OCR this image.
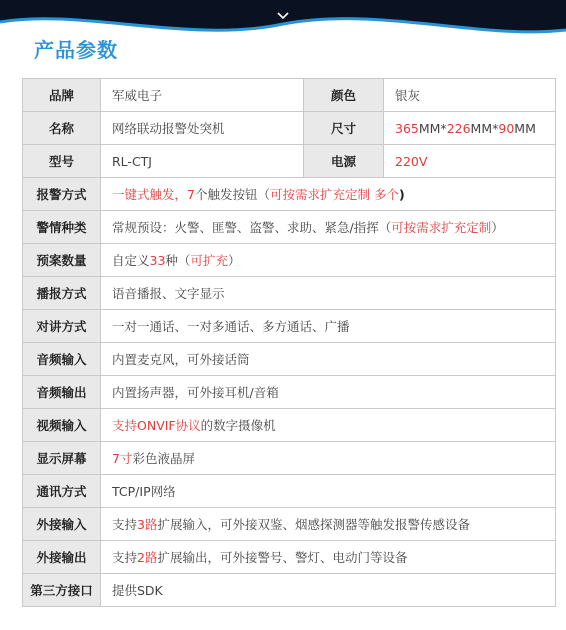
产品参数
品牌	军威电子	颜色	银灰
名称	网络联动报警处突机	尺寸	365MM*226MM*90MM
型号	RL-CTJ	电源	220V
报警方式	一键式触发，7个触发按钮（可按需求扩充定制 多个)		
警情种类	常规预设：火警、匪警、盗警、求助、紧急/指挥（可按需求扩充定制）		
预案数量	自定义33种（可扩充）		
播报方式	语音播报、文字显示		
对讲方式	一对一通话、一对多通话、多方通话、广播		
音频输入	内置麦克风，可外接话筒		
音频输出	内置扬声器，可外接耳机/音箱		
视频输入	支持ONVIF协议的数字摄像机		
显示屏幕	7寸彩色液晶屏		
通讯方式	TCP/IP网络		
外接输入	支持3路扩展输入，可外接双鉴、烟感探测器等触发报警传感设备		
外接输出	支持2路扩展输出，可外接警号、警灯、电动门等设备		
第三方接口	提供SDK		
